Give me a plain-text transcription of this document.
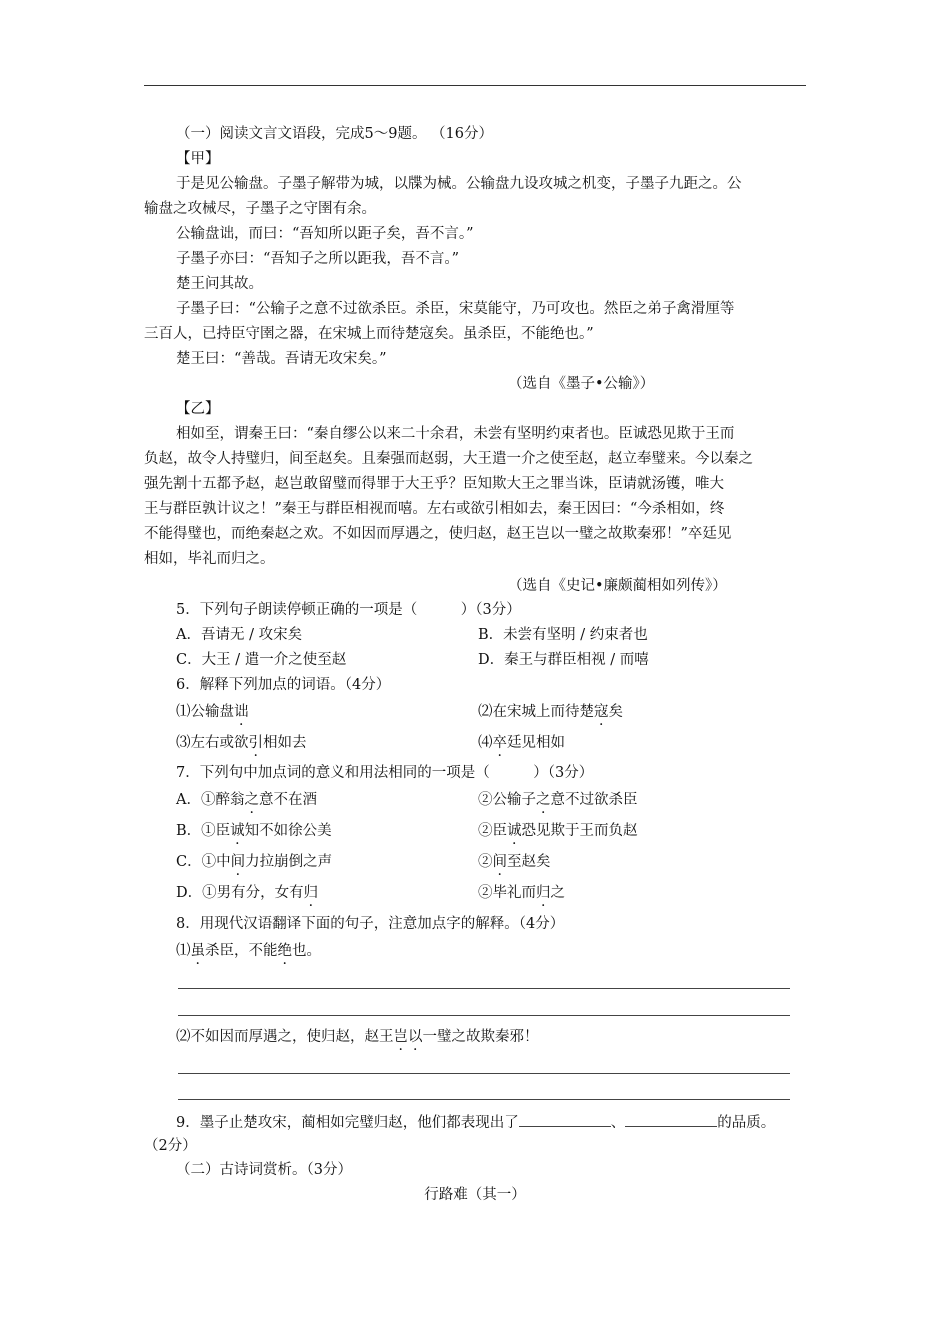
（一）阅读文言文语段，完成5～9题。 （16分）
【甲】
于是见公输盘。子墨子解带为城，以牒为械。公输盘九设攻城之机变，子墨子九距之。公
输盘之攻械尽，子墨子之守圉有余。
公输盘诎，而曰：“吾知所以距子矣，吾不言。”
子墨子亦曰：“吾知子之所以距我，吾不言。”
楚王问其故。
子墨子曰：“公输子之意不过欲杀臣。杀臣，宋莫能守，乃可攻也。然臣之弟子禽滑厘等
三百人，已持臣守圉之器，在宋城上而待楚寇矣。虽杀臣，不能绝也。”
楚王曰：“善哉。吾请无攻宋矣。”
（选自《墨子•公输》）
【乙】
相如至，谓秦王曰：“秦自缪公以来二十余君，未尝有坚明约束者也。臣诚恐见欺于王而
负赵，故令人持璧归，间至赵矣。且秦强而赵弱，大王遣一介之使至赵，赵立奉璧来。今以秦之
强先割十五都予赵，赵岂敢留璧而得罪于大王乎？臣知欺大王之罪当诛，臣请就汤镬，唯大
王与群臣孰计议之！”秦王与群臣相视而嘻。左右或欲引相如去，秦王因曰：“今杀相如，终
不能得璧也，而绝秦赵之欢。不如因而厚遇之，使归赵，赵王岂以一璧之故欺秦邪！”卒廷见
相如，毕礼而归之。
（选自《史记•廉颇蔺相如列传》）
5．下列句子朗读停顿正确的一项是（　　　）（3分）
A．吾请无 / 攻宋矣	B．未尝有坚明 / 约束者也
C．大王 / 遣一介之使至赵	D．秦王与群臣相视 / 而嘻
6．解释下列加点的词语。（4分）
⑴公输盘诎	⑵在宋城上而待楚寇矣
⑶左右或欲引相如去	⑷卒廷见相如
7．下列句中加点词的意义和用法相同的一项是（　　　）（3分）
A．①醉翁之意不在酒	②公输子之意不过欲杀臣
B．①臣诚知不如徐公美	②臣诚恐见欺于王而负赵
C．①中间力拉崩倒之声	②间至赵矣
D．①男有分，女有归	②毕礼而归之
8．用现代汉语翻译下面的句子，注意加点字的解释。（4分）
⑴虽杀臣，不能绝也。
⑵不如因而厚遇之，使归赵，赵王岂以一璧之故欺秦邪！
9．墨子止楚攻宋，蔺相如完璧归赵，他们都表现出了	、	的品质。
（2分）
（二）古诗词赏析。（3分）
行路难（其一）
